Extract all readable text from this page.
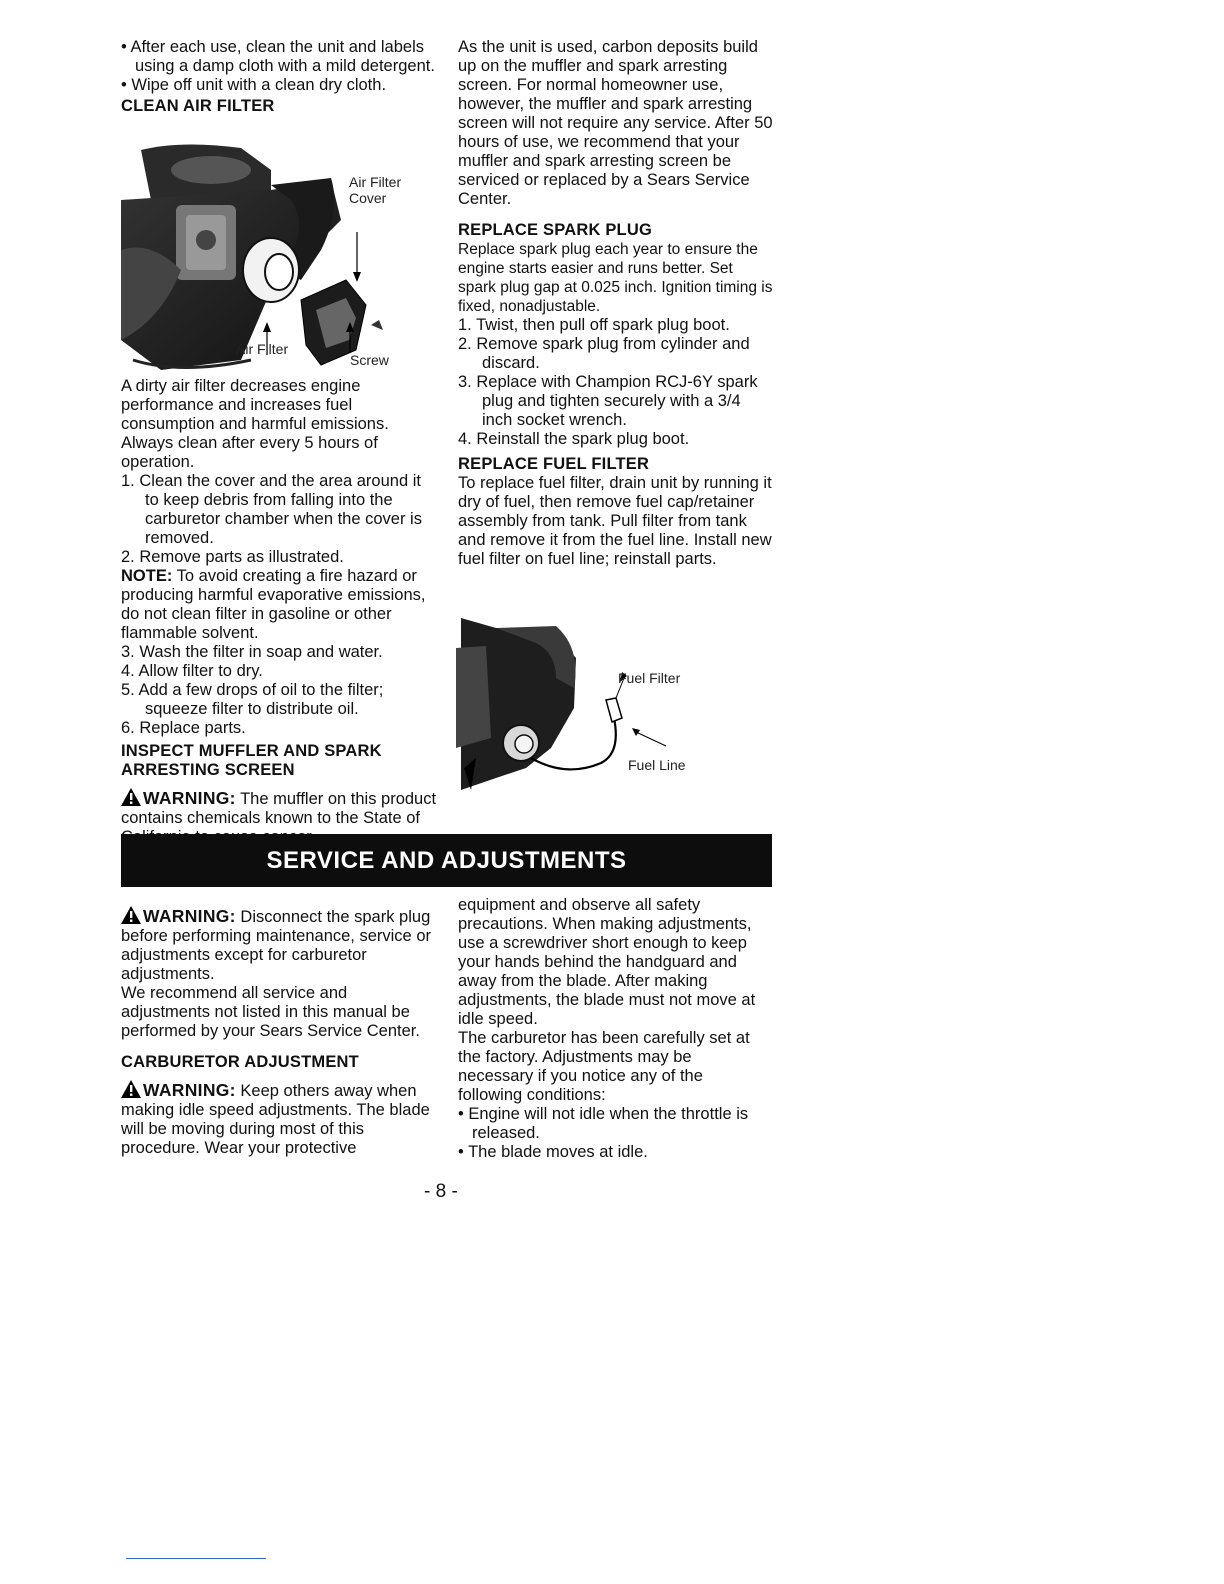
• After each use, clean the unit and labels using a damp cloth with a mild detergent.

• Wipe off unit with a clean dry cloth.

CLEAN AIR FILTER

Air Filter
Cover
Air Filter
Screw

A dirty air filter decreases engine performance and increases fuel consumption and harmful emissions. Always clean after every 5 hours of operation.

1. Clean the cover and the area around it to keep debris from falling into the carburetor chamber when the cover is removed.

2. Remove parts as illustrated.

NOTE: To avoid creating a fire hazard or producing harmful evaporative emissions, do not clean filter in gasoline or other flammable solvent.

3. Wash the filter in soap and water.

4. Allow filter to dry.

5. Add a few drops of oil to the filter; squeeze filter to distribute oil.

6. Replace parts.

INSPECT MUFFLER AND SPARK ARRESTING SCREEN

WARNING: The muffler on this product contains chemicals known to the State of

As the unit is used, carbon deposits build up on the muffler and spark arresting screen. For normal homeowner use, however, the muffler and spark arresting screen will not require any service. After 50 hours of use, we recommend that your muffler and spark arresting screen be serviced or replaced by a Sears Service Center.

REPLACE SPARK PLUG

Replace spark plug each year to ensure the engine starts easier and runs better. Set spark plug gap at 0.025 inch. Ignition timing is fixed, nonadjustable.

1. Twist, then pull off spark plug boot.

2. Remove spark plug from cylinder and discard.

3. Replace with Champion RCJ-6Y spark plug and tighten securely with a 3/4 inch socket wrench.

4. Reinstall the spark plug boot.

REPLACE FUEL FILTER

To replace fuel filter, drain unit by running it dry of fuel, then remove fuel cap/retainer assembly from tank. Pull filter from tank and remove it from the fuel line. Install new fuel filter on fuel line; reinstall parts.

Fuel Filter
Fuel Line
SERVICE AND ADJUSTMENTS

WARNING: Disconnect the spark plug before performing maintenance, service or adjustments except for carburetor adjustments.

We recommend all service and adjustments not listed in this manual be performed by your Sears Service Center.

CARBURETOR ADJUSTMENT

WARNING: Keep others away when making idle speed adjustments. The blade will be moving during most of this procedure. Wear your protective

equipment and observe all safety precautions. When making adjustments, use a screwdriver short enough to keep your hands behind the handguard and away from the blade. After making adjustments, the blade must not move at idle speed.

The carburetor has been carefully set at the factory. Adjustments may be necessary if you notice any of the following conditions:

• Engine will not idle when the throttle is released.

• The blade moves at idle.

- 8 -
